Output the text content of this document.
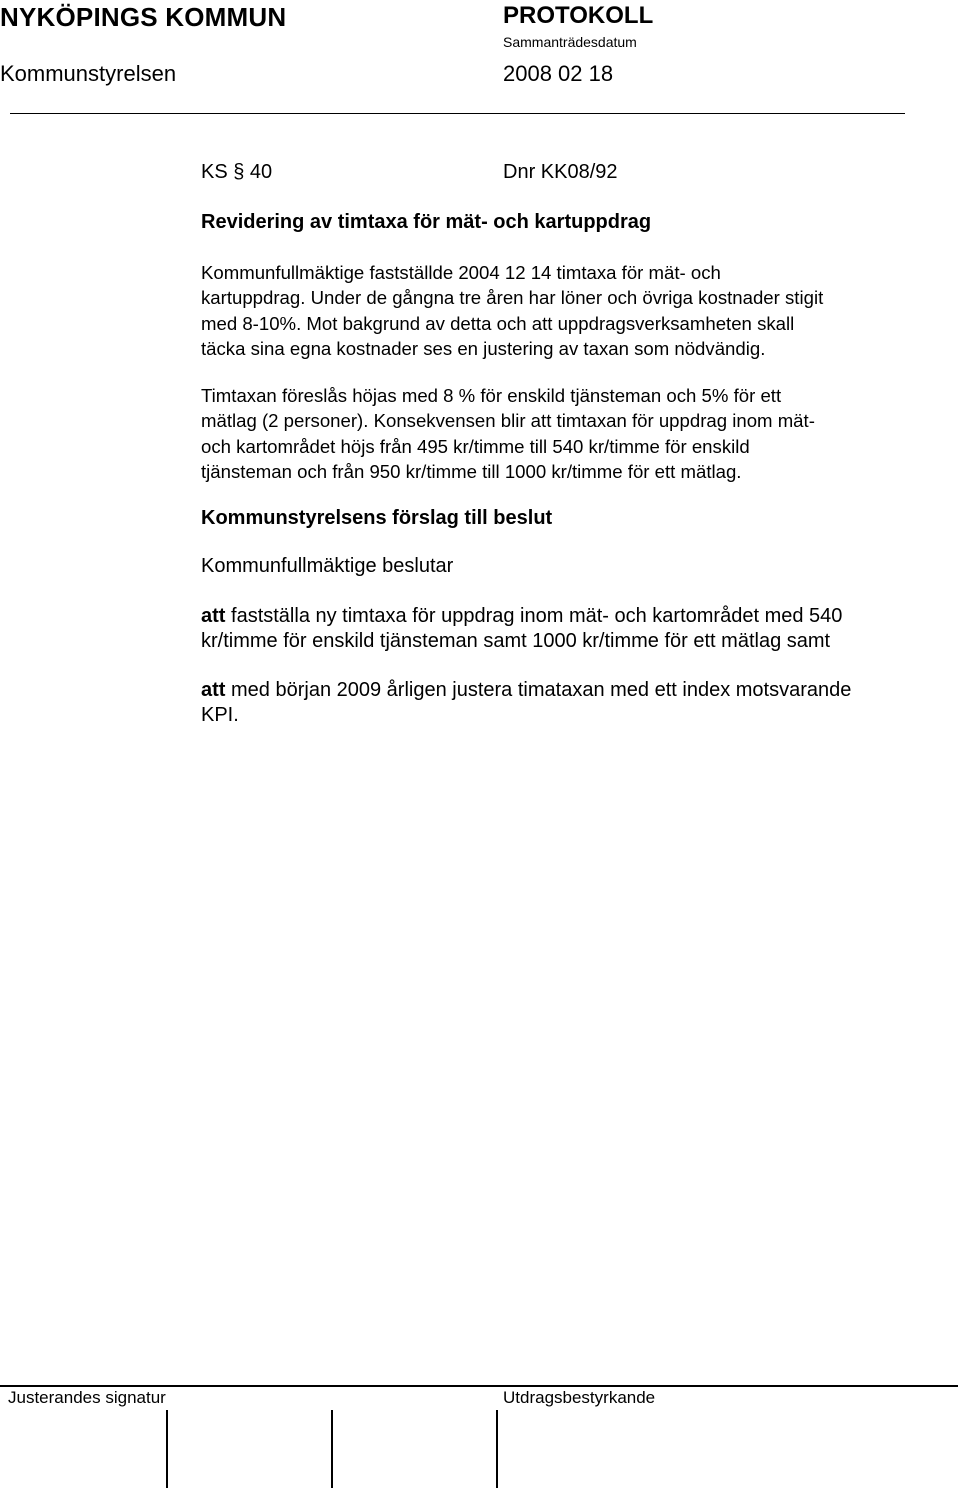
NYKÖPINGS KOMMUN	PROTOKOLL
Sammanträdesdatum
Kommunstyrelsen	2008 02 18
KS § 40	Dnr KK08/92
Revidering av timtaxa för mät- och kartuppdrag
Kommunfullmäktige fastställde 2004 12 14 timtaxa för mät- och
kartuppdrag. Under de gångna tre åren har löner och övriga kostnader stigit
med 8-10%. Mot bakgrund av detta och att uppdragsverksamheten skall
täcka sina egna kostnader ses en justering av taxan som nödvändig.
Timtaxan föreslås höjas med 8 % för enskild tjänsteman och 5% för ett
mätlag (2 personer). Konsekvensen blir att timtaxan för uppdrag inom mät-
och kartområdet höjs från 495 kr/timme till 540 kr/timme för enskild
tjänsteman och från 950 kr/timme till 1000 kr/timme för ett mätlag.
Kommunstyrelsens förslag till beslut
Kommunfullmäktige beslutar
att fastställa ny timtaxa för uppdrag inom mät- och kartområdet med 540
kr/timme för enskild tjänsteman samt 1000 kr/timme för ett mätlag samt
att med början 2009 årligen justera timataxan med ett index motsvarande
KPI.
Justerandes signatur	Utdragsbestyrkande
